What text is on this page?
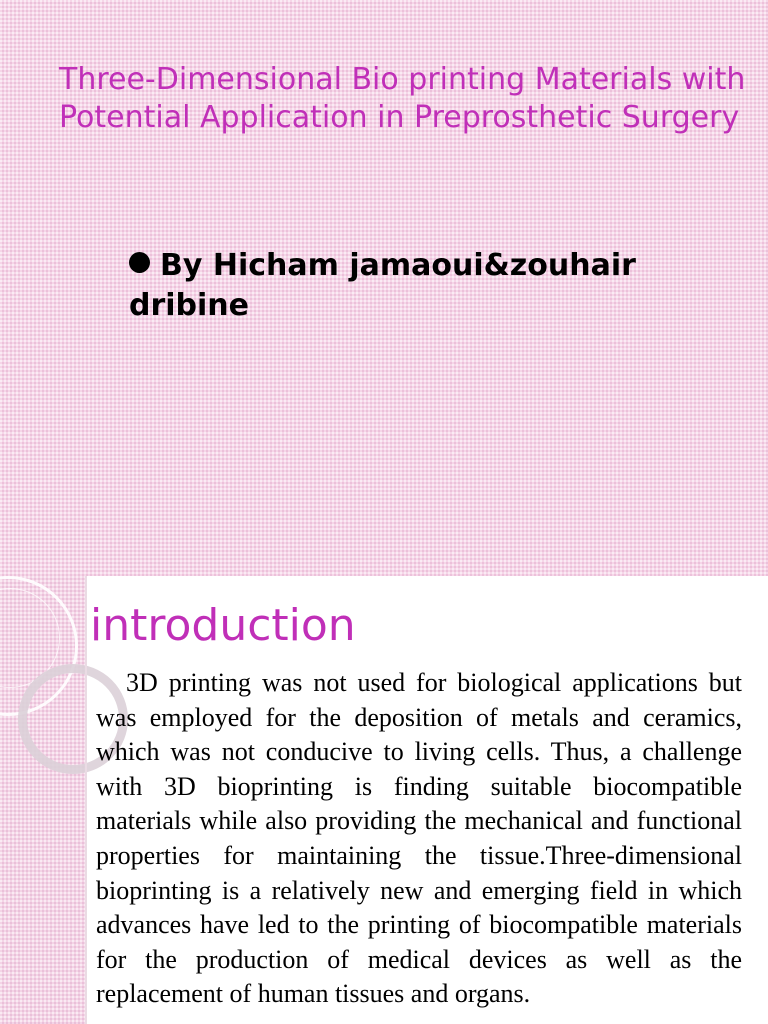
Three-Dimensional Bio printing Materials with Potential Application in Preprosthetic Surgery

By Hicham jamaoui&zouhair dribine

introduction

3D printing was not used for biological applications but was employed for the deposition of metals and ceramics, which was not conducive to living cells. Thus, a challenge with 3D bioprinting is finding suitable biocompatible materials while also providing the mechanical and functional properties for maintaining the tissue.Three-dimensional bioprinting is a relatively new and emerging field in which advances have led to the printing of biocompatible materials for the production of medical devices as well as the replacement of human tissues and organs.
